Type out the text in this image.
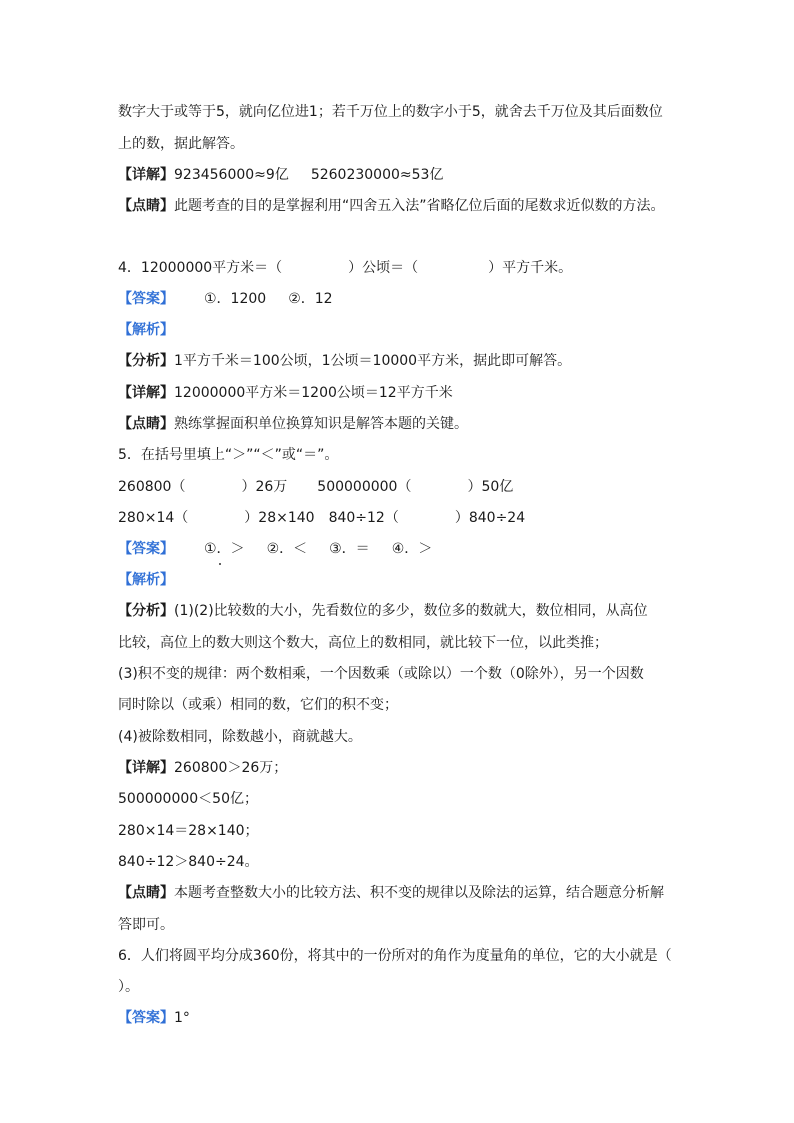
数字大于或等于5，就向亿位进1；若千万位上的数字小于5，就舍去千万位及其后面数位
上的数，据此解答。
【详解】923456000≈9亿 5260230000≈53亿
【点睛】此题考查的目的是掌握利用“四舍五入法”省略亿位后面的尾数求近似数的方法。
4．12000000平方米＝（	）公顷＝（	）平方千米。
【答案】 ①．1200 ②．12
【解析】
【分析】1平方千米＝100公顷，1公顷＝10000平方米，据此即可解答。
【详解】12000000平方米＝1200公顷＝12平方千米
【点睛】熟练掌握面积单位换算知识是解答本题的关键。
5．在括号里填上“＞”“＜”或“＝”。
260800（	）26万 500000000（	）50亿
280×14（	）28×140 840÷12（	）840÷24
【答案】 ①．＞ ②．＜ ③．＝ ④．＞
【解析】
【分析】(1)(2)比较数的大小，先看数位的多少，数位多的数就大，数位相同，从高位
比较，高位上的数大则这个数大，高位上的数相同，就比较下一位，以此类推；
(3)积不变的规律：两个数相乘，一个因数乘（或除以）一个数（0除外），另一个因数
同时除以（或乘）相同的数，它们的积不变；
(4)被除数相同，除数越小，商就越大。
【详解】260800＞26万；
500000000＜50亿；
280×14＝28×140；
840÷12＞840÷24。
【点睛】本题考查整数大小的比较方法、积不变的规律以及除法的运算，结合题意分析解
答即可。
6．人们将圆平均分成360份，将其中的一份所对的角作为度量角的单位，它的大小就是（
）。
【答案】1°
